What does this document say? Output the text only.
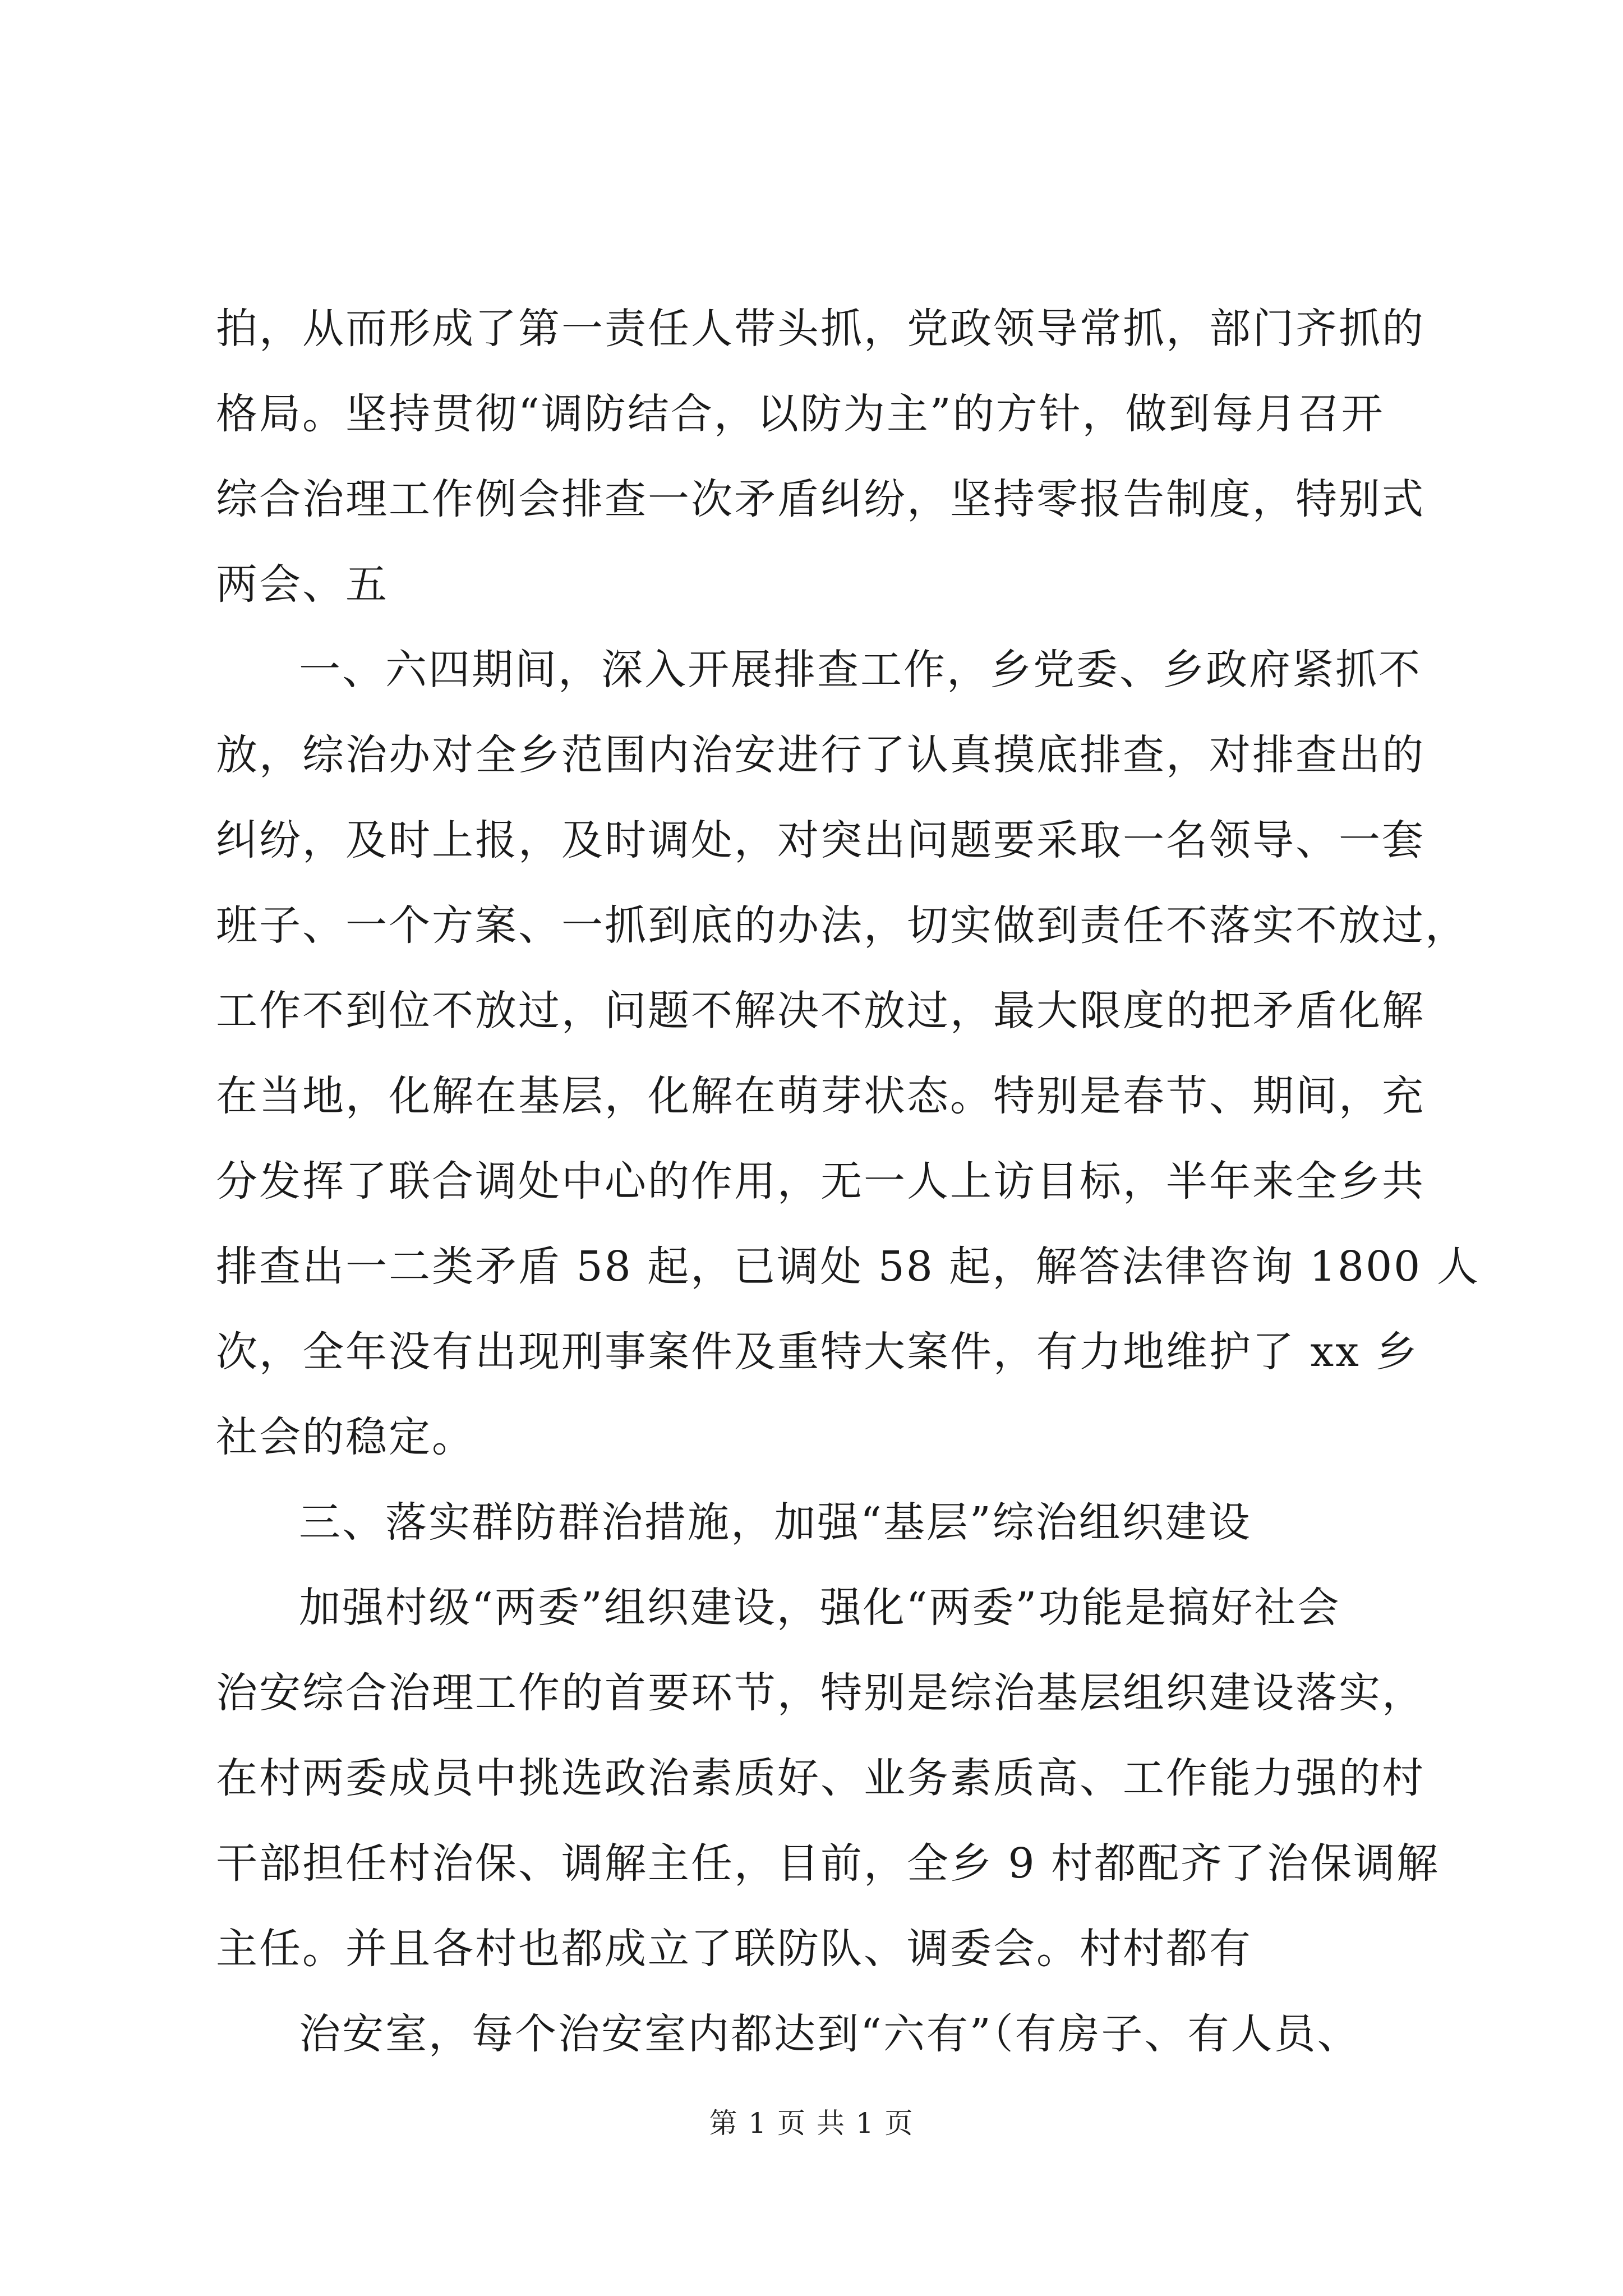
拍，从而形成了第一责任人带头抓，党政领导常抓，部门齐抓的
格局。坚持贯彻“调防结合，以防为主”的方针，做到每月召开
综合治理工作例会排查一次矛盾纠纷，坚持零报告制度，特别式
两会、五
一、六四期间，深入开展排查工作，乡党委、乡政府紧抓不
放，综治办对全乡范围内治安进行了认真摸底排查，对排查出的
纠纷，及时上报，及时调处，对突出问题要采取一名领导、一套
班子、一个方案、一抓到底的办法，切实做到责任不落实不放过，
工作不到位不放过，问题不解决不放过，最大限度的把矛盾化解
在当地，化解在基层，化解在萌芽状态。特别是春节、期间，充
分发挥了联合调处中心的作用，无一人上访目标，半年来全乡共
排查出一二类矛盾 58 起，已调处 58 起，解答法律咨询 1800 人
次，全年没有出现刑事案件及重特大案件，有力地维护了 xx 乡
社会的稳定。
三、落实群防群治措施，加强“基层”综治组织建设
加强村级“两委”组织建设，强化“两委”功能是搞好社会
治安综合治理工作的首要环节，特别是综治基层组织建设落实，
在村两委成员中挑选政治素质好、业务素质高、工作能力强的村
干部担任村治保、调解主任，目前，全乡 9 村都配齐了治保调解
主任。并且各村也都成立了联防队、调委会。村村都有
治安室，每个治安室内都达到“六有”（有房子、有人员、
第 1 页 共 1 页
